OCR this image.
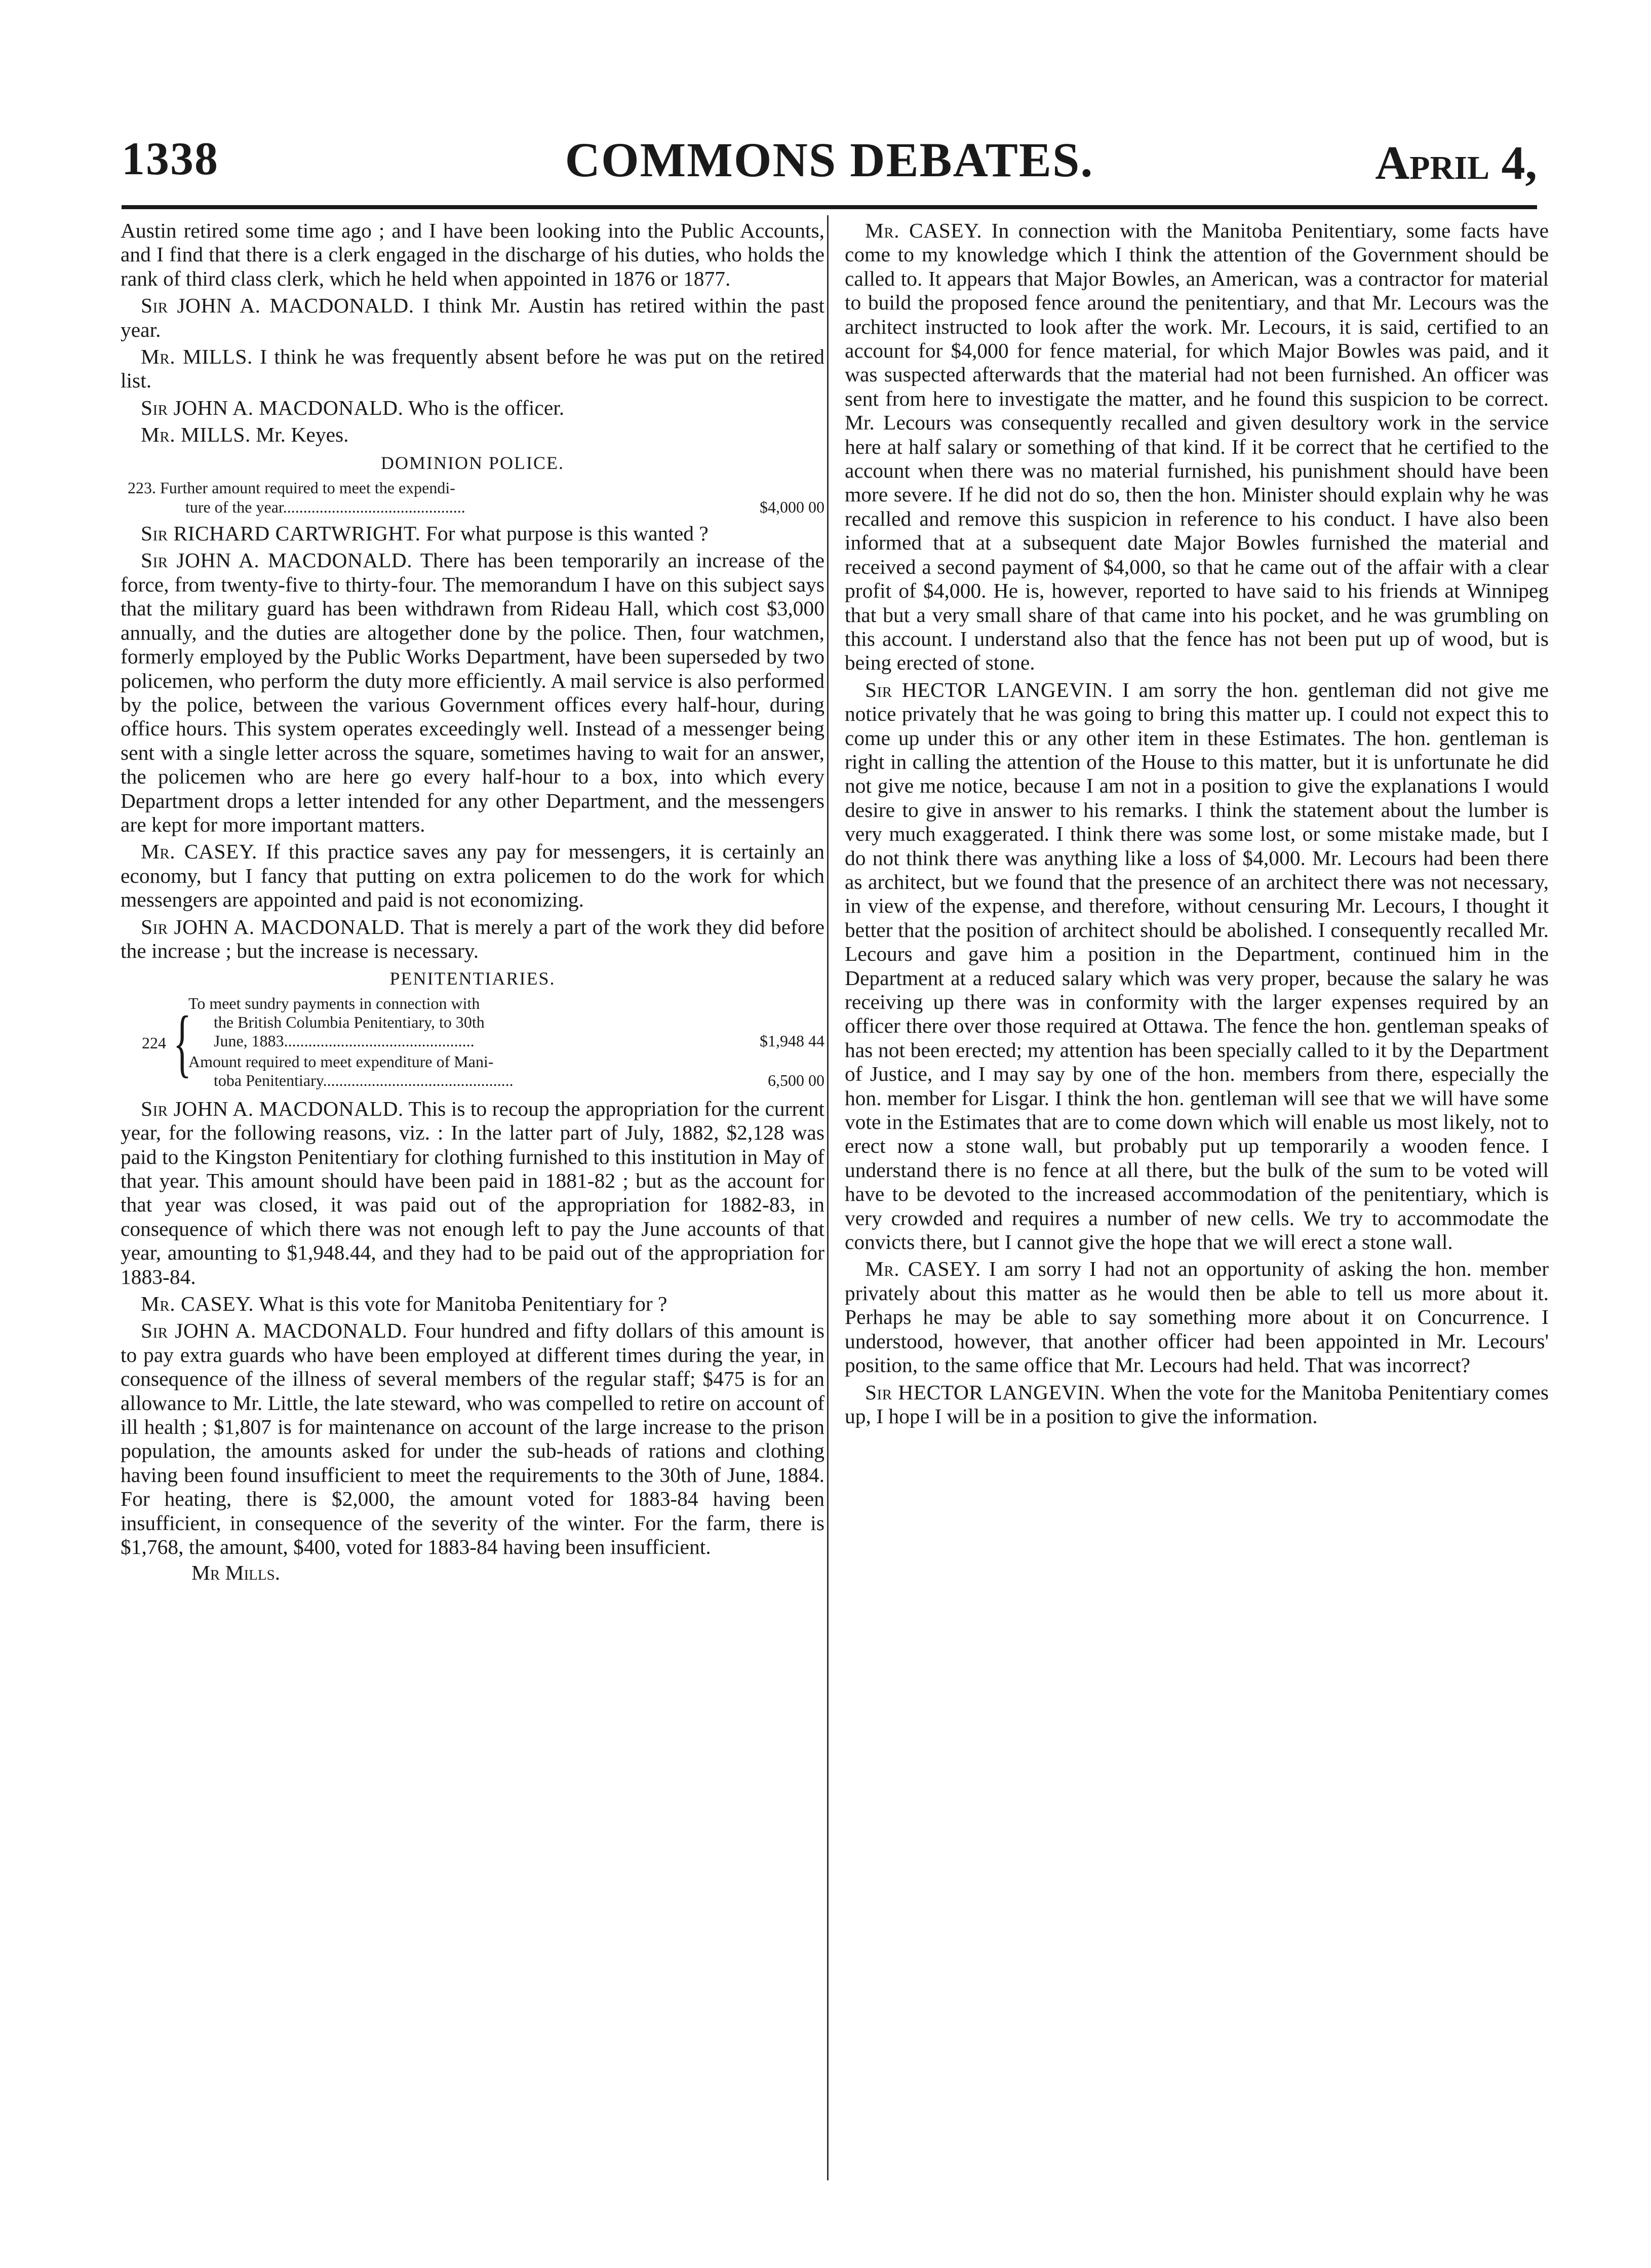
1338	COMMONS DEBATES.	April 4,

Austin retired some time ago ; and I have been looking into the Public Accounts, and I find that there is a clerk engaged in the discharge of his duties, who holds the rank of third class clerk, which he held when appointed in 1876 or 1877.

Sir JOHN A. MACDONALD. I think Mr. Austin has retired within the past year.

Mr. MILLS. I think he was frequently absent before he was put on the retired list.

Sir JOHN A. MACDONALD. Who is the officer.

Mr. MILLS. Mr. Keyes.

DOMINION POLICE.
223. Further amount required to meet the expendi-
ture of the year.............................................	$4,000 00

Sir RICHARD CARTWRIGHT. For what purpose is this wanted ?

Sir JOHN A. MACDONALD. There has been temporarily an increase of the force, from twenty-five to thirty-four. The memorandum I have on this subject says that the military guard has been withdrawn from Rideau Hall, which cost $3,000 annually, and the duties are altogether done by the police. Then, four watchmen, formerly employed by the Public Works Department, have been superseded by two policemen, who perform the duty more efficiently. A mail service is also performed by the police, between the various Government offices every half-hour, during office hours. This system operates exceedingly well. Instead of a messenger being sent with a single letter across the square, sometimes having to wait for an answer, the policemen who are here go every half-hour to a box, into which every Department drops a letter intended for any other Department, and the messengers are kept for more important matters.

Mr. CASEY. If this practice saves any pay for messengers, it is certainly an economy, but I fancy that putting on extra policemen to do the work for which messengers are appointed and paid is not economizing.

Sir JOHN A. MACDONALD. That is merely a part of the work they did before the increase ; but the increase is necessary.

PENITENTIARIES.
224 {
To meet sundry payments in connection with
the British Columbia Penitentiary, to 30th
June, 1883...............................................	$1,948 44
Amount required to meet expenditure of Mani-
toba Penitentiary...............................................	6,500 00

Sir JOHN A. MACDONALD. This is to recoup the appropriation for the current year, for the following reasons, viz. : In the latter part of July, 1882, $2,128 was paid to the Kingston Penitentiary for clothing furnished to this institution in May of that year. This amount should have been paid in 1881-82 ; but as the account for that year was closed, it was paid out of the appropriation for 1882-83, in consequence of which there was not enough left to pay the June accounts of that year, amounting to $1,948.44, and they had to be paid out of the appropriation for 1883-84.

Mr. CASEY. What is this vote for Manitoba Penitentiary for ?

Sir JOHN A. MACDONALD. Four hundred and fifty dollars of this amount is to pay extra guards who have been employed at different times during the year, in consequence of the illness of several members of the regular staff; $475 is for an allowance to Mr. Little, the late steward, who was compelled to retire on account of ill health ; $1,807 is for maintenance on account of the large increase to the prison population, the amounts asked for under the sub-heads of rations and clothing having been found insufficient to meet the requirements to the 30th of June, 1884. For heating, there is $2,000, the amount voted for 1883-84 having been insufficient, in consequence of the severity of the winter. For the farm, there is $1,768, the amount, $400, voted for 1883-84 having been insufficient.

Mr Mills.

Mr. CASEY. In connection with the Manitoba Penitentiary, some facts have come to my knowledge which I think the attention of the Government should be called to. It appears that Major Bowles, an American, was a contractor for material to build the proposed fence around the penitentiary, and that Mr. Lecours was the architect instructed to look after the work. Mr. Lecours, it is said, certified to an account for $4,000 for fence material, for which Major Bowles was paid, and it was suspected afterwards that the material had not been furnished. An officer was sent from here to investigate the matter, and he found this suspicion to be correct. Mr. Lecours was consequently recalled and given desultory work in the service here at half salary or something of that kind. If it be correct that he certified to the account when there was no material furnished, his punishment should have been more severe. If he did not do so, then the hon. Minister should explain why he was recalled and remove this suspicion in reference to his conduct. I have also been informed that at a subsequent date Major Bowles furnished the material and received a second payment of $4,000, so that he came out of the affair with a clear profit of $4,000. He is, however, reported to have said to his friends at Winnipeg that but a very small share of that came into his pocket, and he was grumbling on this account. I understand also that the fence has not been put up of wood, but is being erected of stone.

Sir HECTOR LANGEVIN. I am sorry the hon. gentleman did not give me notice privately that he was going to bring this matter up. I could not expect this to come up under this or any other item in these Estimates. The hon. gentleman is right in calling the attention of the House to this matter, but it is unfortunate he did not give me notice, because I am not in a position to give the explanations I would desire to give in answer to his remarks. I think the statement about the lumber is very much exaggerated. I think there was some lost, or some mistake made, but I do not think there was anything like a loss of $4,000. Mr. Lecours had been there as architect, but we found that the presence of an architect there was not necessary, in view of the expense, and therefore, without censuring Mr. Lecours, I thought it better that the position of architect should be abolished. I consequently recalled Mr. Lecours and gave him a position in the Department, continued him in the Department at a reduced salary which was very proper, because the salary he was receiving up there was in conformity with the larger expenses required by an officer there over those required at Ottawa. The fence the hon. gentleman speaks of has not been erected; my attention has been specially called to it by the Department of Justice, and I may say by one of the hon. members from there, especially the hon. member for Lisgar. I think the hon. gentleman will see that we will have some vote in the Estimates that are to come down which will enable us most likely, not to erect now a stone wall, but probably put up temporarily a wooden fence. I understand there is no fence at all there, but the bulk of the sum to be voted will have to be devoted to the increased accommodation of the penitentiary, which is very crowded and requires a number of new cells. We try to accommodate the convicts there, but I cannot give the hope that we will erect a stone wall.

Mr. CASEY. I am sorry I had not an opportunity of asking the hon. member privately about this matter as he would then be able to tell us more about it. Perhaps he may be able to say something more about it on Concurrence. I understood, however, that another officer had been appointed in Mr. Lecours' position, to the same office that Mr. Lecours had held. That was incorrect?

Sir HECTOR LANGEVIN. When the vote for the Manitoba Penitentiary comes up, I hope I will be in a position to give the information.
